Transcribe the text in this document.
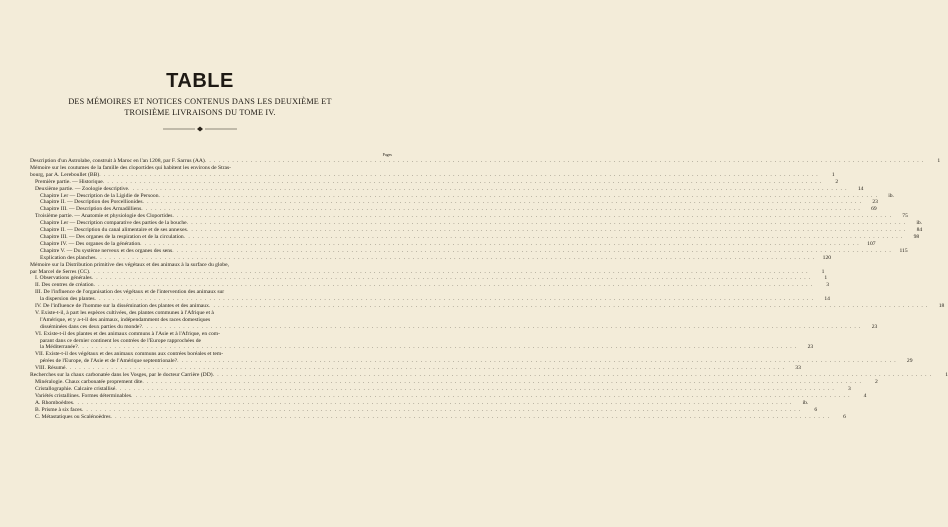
TABLE
DES MÉMOIRES ET NOTICES CONTENUS DANS LES DEUXIÈME ET
TROISIÈME LIVRAISONS DU TOME IV.
Pages
Description d'un Astrolabe, construit à Maroc en l'an 1208, par F. Sarrus (AA) . . .	1
Mémoire sur les coutumes de la famille des cloportides qui habitent les environs de Stras-
bourg, par A. Lereboullet (BB) . . .	1
Première partie. — Historique . . .	2
Deuxième partie. — Zoologie descriptive . . .	14
Chapitre I.er — Description de la Ligidie de Persoon . . .	ib.
Chapitre II. — Description des Porcellionides . . .	23
Chapitre III. — Description des Armadilliens . . .	69
Troisième partie. — Anatomie et physiologie des Cloportides . . .	75
Chapitre I.er — Description comparative des parties de la bouche . . .	ib.
Chapitre II. — Description du canal alimentaire et de ses annexes . . .	84
Chapitre III. — Des organes de la respiration et de la circulation . . .	98
Chapitre IV. — Des organes de la génération . . .	107
Chapitre V. — Du système nerveux et des organes des sens . . .	115
Explication des planches . . .	120
Mémoire sur la Distribution primitive des végétaux et des animaux à la surface du globe,
par Marcel de Serres (CC) . . .	1
I. Observations générales . . .	1
II. Des centres de création . . .	3
III. De l'influence de l'organisation des végétaux et de l'intervention des animaux sur
la dispersion des plantes . . .	14
IV. De l'influence de l'homme sur la dissémination des plantes et des animaux . . .	18
V. Existe-t-il, à part les espèces cultivées, des plantes communes à l'Afrique et à
l'Amérique, et y a-t-il des animaux, indépendamment des races domestiques
disséminées dans ces deux parties du monde? . . .	23
VI. Existe-t-il des plantes et des animaux communs à l'Asie et à l'Afrique, en com-
parant dans ce dernier continent les contrées de l'Europe rapprochées de
la Méditerranée? . . .	23
VII. Existe-t-il des végétaux et des animaux communs aux contrées boréales et tem-
pérées de l'Europe, de l'Asie et de l'Amérique septentrionale? . . .	29
VIII. Résumé . . .	33
Recherches sur la chaux carbonatée dans les Vosges, par le docteur Carrière (DD) . . .	1
Minéralogie. Chaux carbonatée proprement dite . . .	2
Cristallographie. Calcaire cristallisé . . .	3
Variétés cristallines. Formes déterminables . . .	4
A. Rhomboèdres . . .	ib.
B. Prisme à six faces . . .	6
C. Métastatiques ou Scalénoèdres . . .	6
